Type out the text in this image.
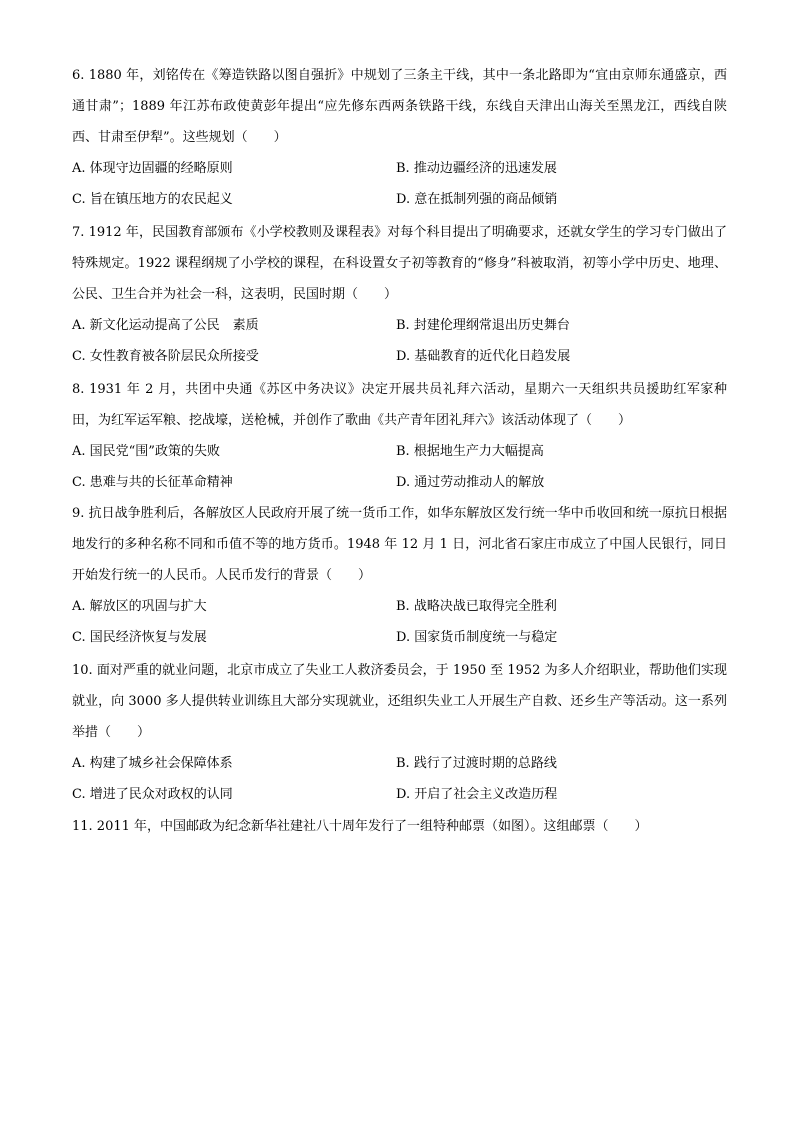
6. 1880 年，刘铭传在《筹造铁路以图自强折》中规划了三条主干线，其中一条北路即为“宜由京师东通盛京，西通甘肃”；1889 年江苏布政使黄彭年提出“应先修东西两条铁路干线，东线自天津出山海关至黑龙江，西线自陕西、甘肃至伊犁”。这些规划（　　）

A. 体现守边固疆的经略原则	B. 推动边疆经济的迅速发展
C. 旨在镇压地方的农民起义	D. 意在抵制列强的商品倾销

7. 1912 年，民国教育部颁布《小学校教则及课程表》对每个科目提出了明确要求，还就女学生的学习专门做出了特殊规定。1922 课程纲规了小学校的课程，在科设置女子初等教育的“修身”科被取消，初等小学中历史、地理、公民、卫生合并为社会一科，这表明，民国时期（　　）

A. 新文化运动提高了公民　素质	B. 封建伦理纲常退出历史舞台
C. 女性教育被各阶层民众所接受	D. 基础教育的近代化日趋发展

8. 1931 年 2 月，共团中央通《苏区中务决议》决定开展共员礼拜六活动，星期六一天组织共员援助红军家种田，为红军运军粮、挖战壕，送枪械，并创作了歌曲《共产青年团礼拜六》该活动体现了（　　）

A. 国民党“围”政策的失败	B. 根据地生产力大幅提高
C. 患难与共的长征革命精神	D. 通过劳动推动人的解放

9. 抗日战争胜利后，各解放区人民政府开展了统一货币工作，如华东解放区发行统一华中币收回和统一原抗日根据地发行的多种名称不同和币值不等的地方货币。1948 年 12 月 1 日，河北省石家庄市成立了中国人民银行，同日开始发行统一的人民币。人民币发行的背景（　　）

A. 解放区的巩固与扩大	B. 战略决战已取得完全胜利
C. 国民经济恢复与发展	D. 国家货币制度统一与稳定

10. 面对严重的就业问题，北京市成立了失业工人救济委员会，于 1950 至 1952 为多人介绍职业，帮助他们实现就业，向 3000 多人提供转业训练且大部分实现就业，还组织失业工人开展生产自救、还乡生产等活动。这一系列举措（　　）

A. 构建了城乡社会保障体系	B. 践行了过渡时期的总路线
C. 增进了民众对政权的认同	D. 开启了社会主义改造历程

11. 2011 年，中国邮政为纪念新华社建社八十周年发行了一组特种邮票（如图）。这组邮票（　　）
